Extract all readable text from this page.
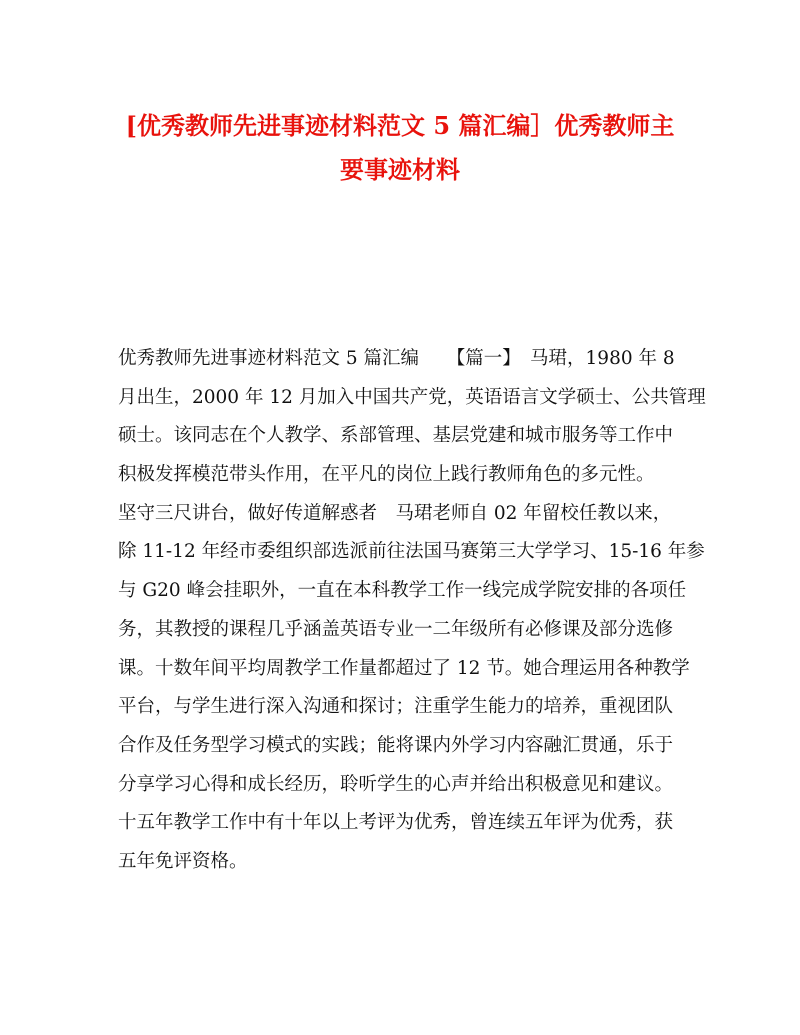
[优秀教师先进事迹材料范文 5 篇汇编］优秀教师主
要事迹材料
优秀教师先进事迹材料范文 5 篇汇编　　【篇一】　马珺，1980 年 8
月出生，2000 年 12 月加入中国共产党，英语语言文学硕士、公共管理
硕士。该同志在个人教学、系部管理、基层党建和城市服务等工作中
积极发挥模范带头作用，在平凡的岗位上践行教师角色的多元性。
坚守三尺讲台，做好传道解惑者　马珺老师自 02 年留校任教以来，
除 11-12 年经市委组织部选派前往法国马赛第三大学学习、15-16 年参
与 G20 峰会挂职外，一直在本科教学工作一线完成学院安排的各项任
务，其教授的课程几乎涵盖英语专业一二年级所有必修课及部分选修
课。十数年间平均周教学工作量都超过了 12 节。她合理运用各种教学
平台，与学生进行深入沟通和探讨；注重学生能力的培养，重视团队
合作及任务型学习模式的实践；能将课内外学习内容融汇贯通，乐于
分享学习心得和成长经历，聆听学生的心声并给出积极意见和建议。
十五年教学工作中有十年以上考评为优秀，曾连续五年评为优秀，获
五年免评资格。
